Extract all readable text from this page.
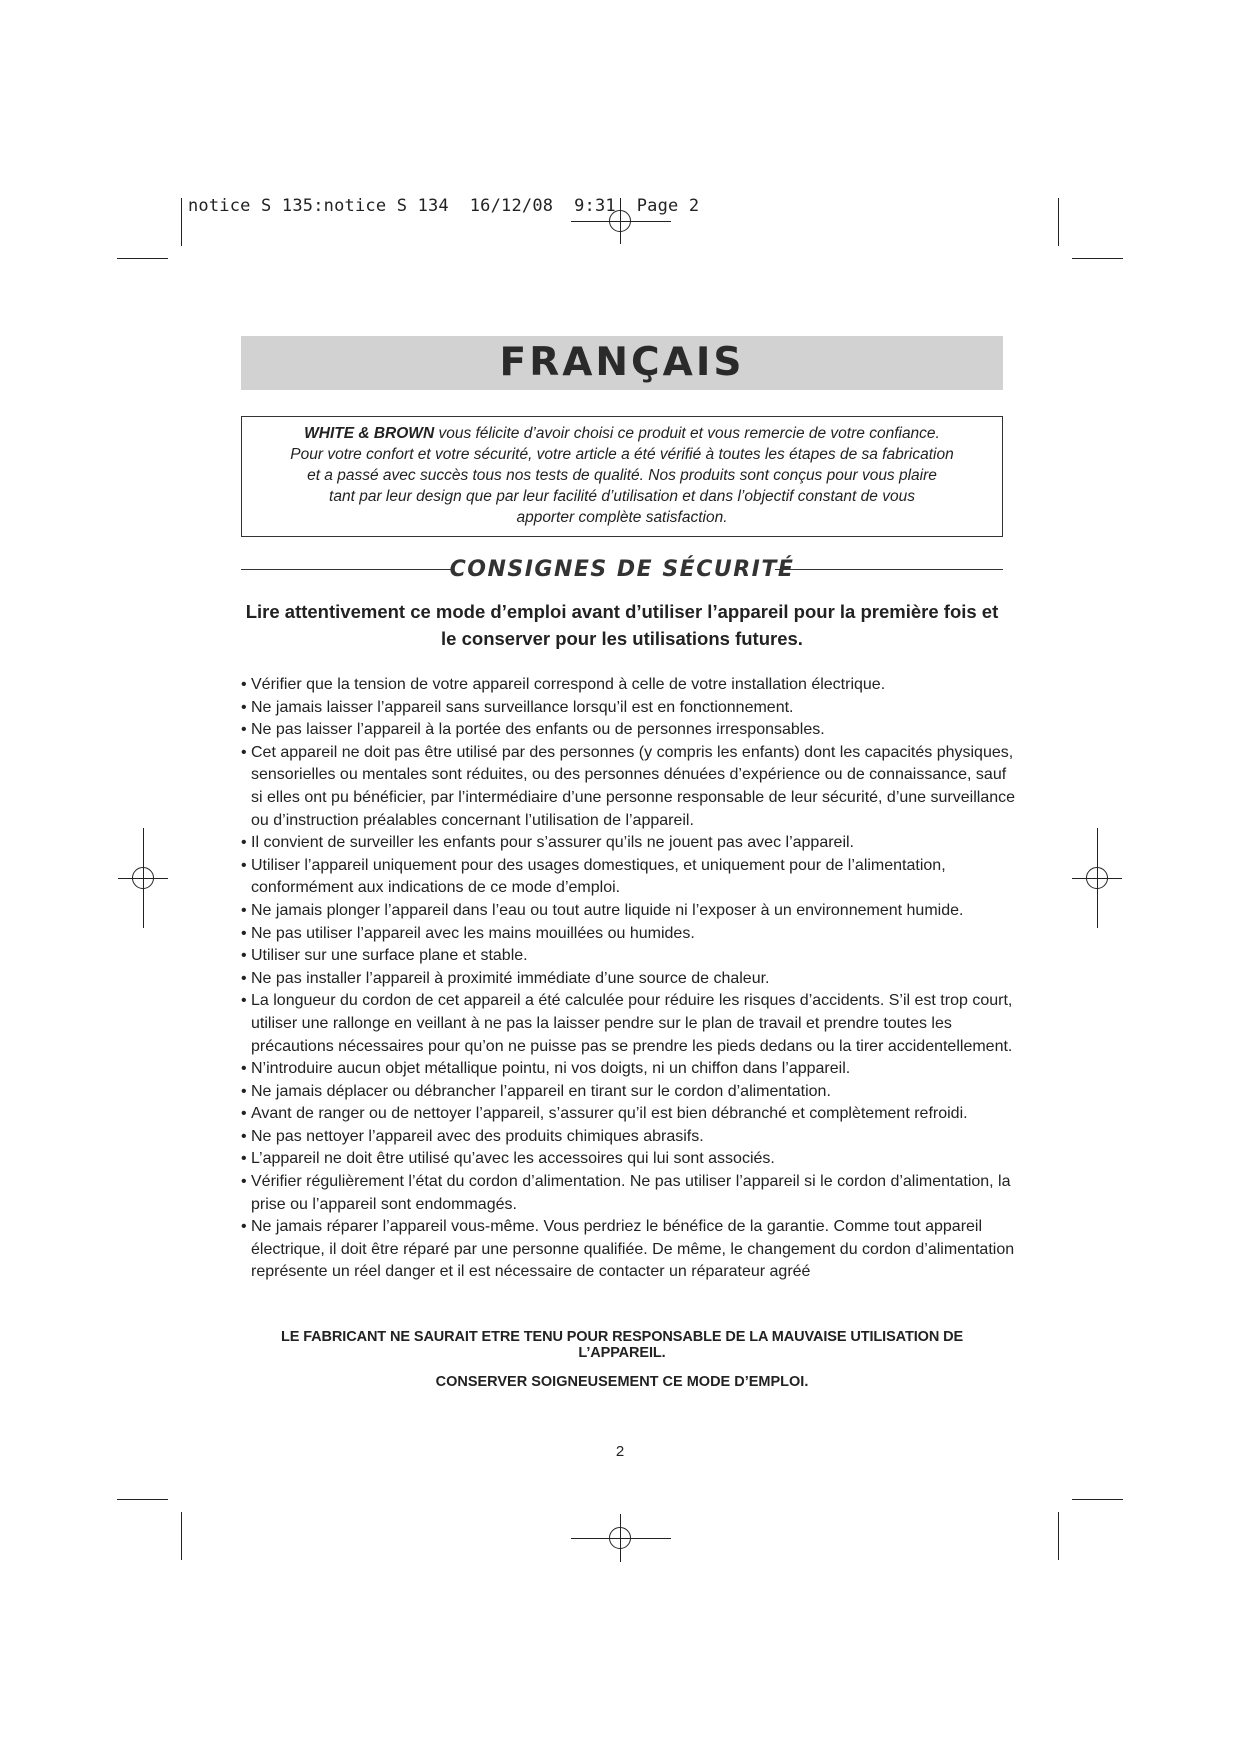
notice S 135:notice S 134  16/12/08  9:31  Page 2
FRANÇAIS
WHITE & BROWN vous félicite d’avoir choisi ce produit et vous remercie de votre confiance.
Pour votre confort et votre sécurité, votre article a été vérifié à toutes les étapes de sa fabrication
et a passé avec succès tous nos tests de qualité. Nos produits sont conçus pour vous plaire
tant par leur design que par leur facilité d’utilisation et dans l’objectif constant de vous
apporter complète satisfaction.
CONSIGNES DE SÉCURITÉ
Lire attentivement ce mode d’emploi avant d’utiliser l’appareil pour la première fois et
le conserver pour les utilisations futures.
• Vérifier que la tension de votre appareil correspond à celle de votre installation électrique.
• Ne jamais laisser l’appareil sans surveillance lorsqu’il est en fonctionnement.
• Ne pas laisser l’appareil à la portée des enfants ou de personnes irresponsables.
• Cet appareil ne doit pas être utilisé par des personnes (y compris les enfants) dont les capacités physiques, sensorielles ou mentales sont réduites, ou des personnes dénuées d’expérience ou de connaissance, sauf si elles ont pu bénéficier, par l’intermédiaire d’une personne responsable de leur sécurité, d’une surveillance ou d’instruction préalables concernant l’utilisation de l’appareil.
• Il convient de surveiller les enfants pour s’assurer qu’ils ne jouent pas avec l’appareil.
• Utiliser l’appareil uniquement pour des usages domestiques, et uniquement pour de l’alimentation, conformément aux indications de ce mode d’emploi.
• Ne jamais plonger l’appareil dans l’eau ou tout autre liquide ni l’exposer à un environnement humide.
• Ne pas utiliser l’appareil avec les mains mouillées ou humides.
• Utiliser sur une surface plane et stable.
• Ne pas installer l’appareil à proximité immédiate d’une source de chaleur.
• La longueur du cordon de cet appareil a été calculée pour réduire les risques d’accidents. S’il est trop court, utiliser une rallonge en veillant à ne pas la laisser pendre sur le plan de travail et prendre toutes les précautions nécessaires pour qu’on ne puisse pas se prendre les pieds dedans ou la tirer accidentellement.
• N’introduire aucun objet métallique pointu, ni vos doigts, ni un chiffon dans l’appareil.
• Ne jamais déplacer ou débrancher l’appareil en tirant sur le cordon d’alimentation.
• Avant de ranger ou de nettoyer l’appareil, s’assurer qu’il est bien débranché et complètement refroidi.
• Ne pas nettoyer l’appareil avec des produits chimiques abrasifs.
• L’appareil ne doit être utilisé qu’avec les accessoires qui lui sont associés.
• Vérifier régulièrement l’état du cordon d’alimentation. Ne pas utiliser l’appareil si le cordon d’alimentation, la prise ou l’appareil sont endommagés.
• Ne jamais réparer l’appareil vous-même. Vous perdriez le bénéfice de la garantie. Comme tout appareil électrique, il doit être réparé par une personne qualifiée. De même, le changement du cordon d’alimentation représente un réel danger et il est nécessaire de contacter un réparateur agréé
LE FABRICANT NE SAURAIT ETRE TENU POUR RESPONSABLE DE LA MAUVAISE UTILISATION DE L’APPAREIL.
CONSERVER SOIGNEUSEMENT CE MODE D’EMPLOI.
2
